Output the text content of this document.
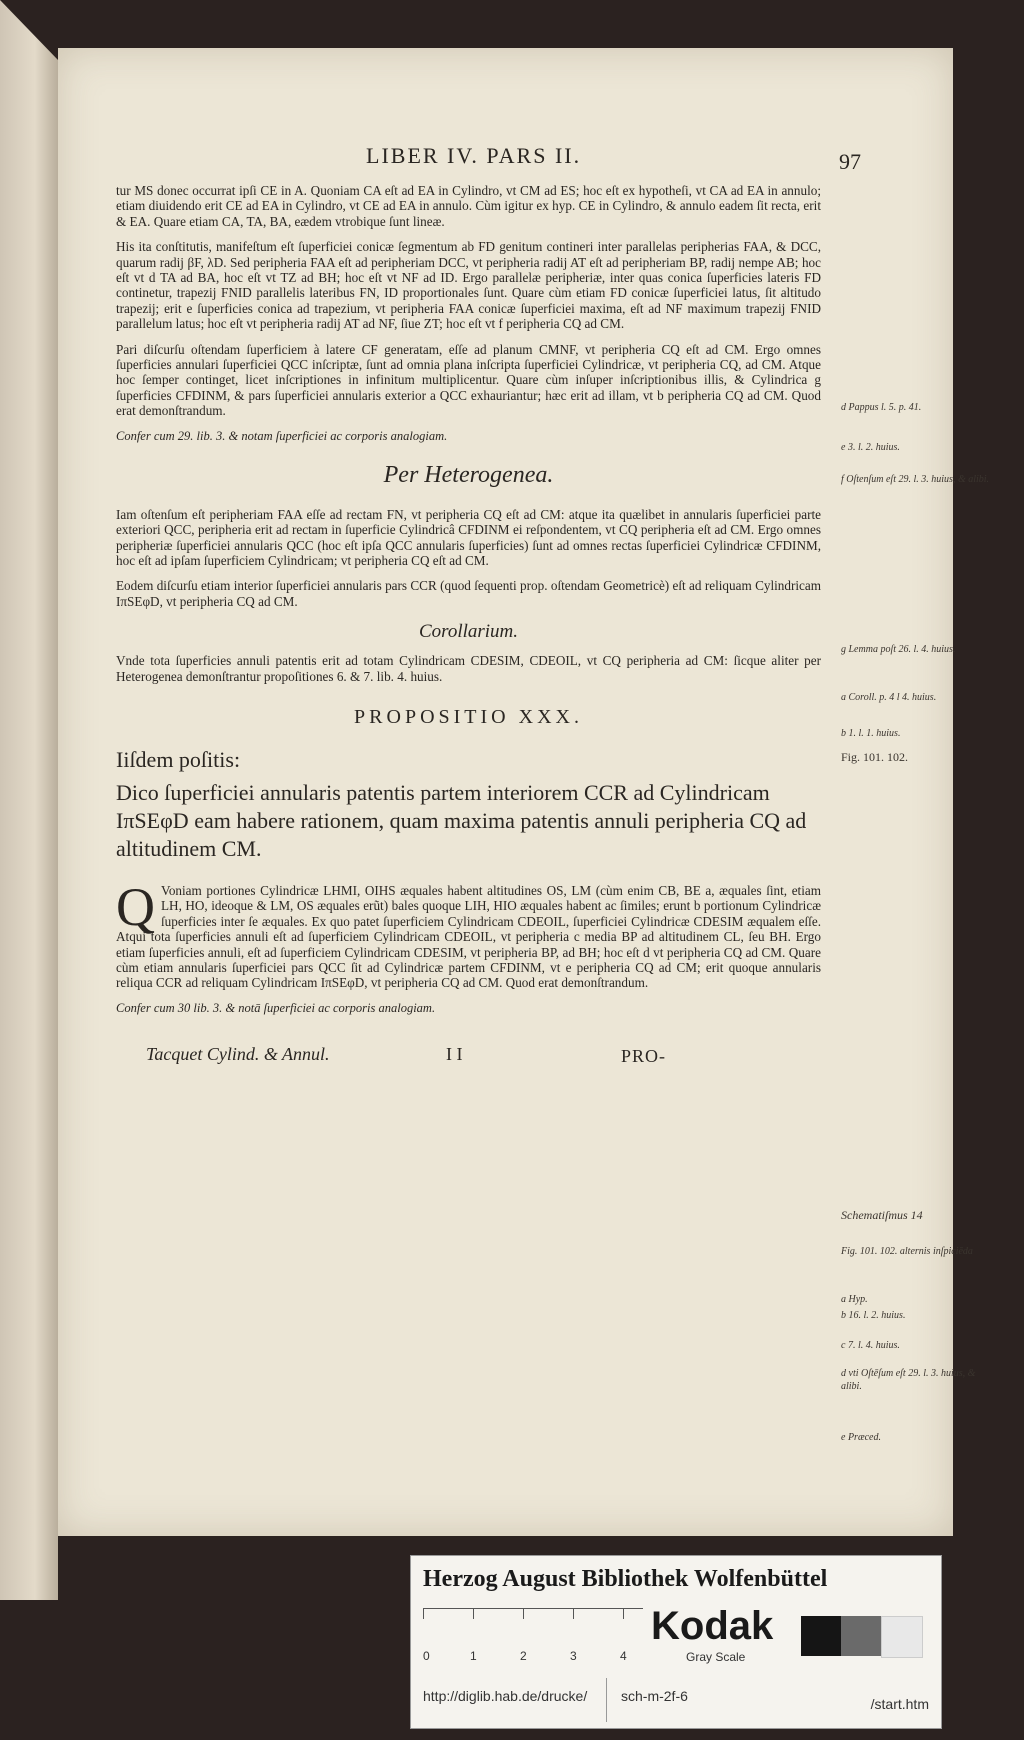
LIBER IV. PARS II.	97

tur MS donec occurrat ipſi CE in A. Quoniam CA eſt ad EA in Cylindro, vt CM ad ES; hoc eſt ex hypotheſi, vt CA ad EA in annulo; etiam diuidendo erit CE ad EA in Cylindro, vt CE ad EA in annulo. Cùm igitur ex hyp. CE in Cylindro, & annulo eadem ſit recta, erit & EA. Quare etiam CA, TA, BA, eædem vtrobique ſunt lineæ.

His ita conſtitutis, manifeſtum eſt ſuperficiei conicæ ſegmentum ab FD genitum contineri inter parallelas peripherias FAA, & DCC, quarum radij βF, λD. Sed peripheria FAA eſt ad peripheriam DCC, vt peripheria radij AT eſt ad peripheriam BP, radij nempe AB; hoc eſt vt d TA ad BA, hoc eſt vt TZ ad BH; hoc eſt vt NF ad ID. Ergo parallelæ peripheriæ, inter quas conica ſuperficies lateris FD continetur, trapezij FNID parallelis lateribus FN, ID proportionales ſunt. Quare cùm etiam FD conicæ ſuperficiei latus, ſit altitudo trapezij; erit e ſuperficies conica ad trapezium, vt peripheria FAA conicæ ſuperficiei maxima, eſt ad NF maximum trapezij FNID parallelum latus; hoc eſt vt peripheria radij AT ad NF, ſiue ZT; hoc eſt vt f peripheria CQ ad CM.

Pari diſcurſu oſtendam ſuperficiem à latere CF generatam, eſſe ad planum CMNF, vt peripheria CQ eſt ad CM. Ergo omnes ſuperficies annulari ſuperficiei QCC inſcriptæ, ſunt ad omnia plana inſcripta ſuperficiei Cylindricæ, vt peripheria CQ, ad CM. Atque hoc ſemper continget, licet inſcriptiones in infinitum multiplicentur. Quare cùm inſuper inſcriptionibus illis, & Cylindrica g ſuperficies CFDINM, & pars ſuperficiei annularis exterior a QCC exhauriantur; hæc erit ad illam, vt b peripheria CQ ad CM. Quod erat demonſtrandum.

Confer cum 29. lib. 3. & notam ſuperficiei ac corporis analogiam.
Per Heterogenea.

Iam oſtenſum eſt peripheriam FAA eſſe ad rectam FN, vt peripheria CQ eſt ad CM: atque ita quælibet in annularis ſuperficiei parte exteriori QCC, peripheria erit ad rectam in ſuperficie Cylindricâ CFDINM ei reſpondentem, vt CQ peripheria eſt ad CM. Ergo omnes peripheriæ ſuperficiei annularis QCC (hoc eſt ipſa QCC annularis ſuperficies) ſunt ad omnes rectas ſuperficiei Cylindricæ CFDINM, hoc eſt ad ipſam ſuperficiem Cylindricam; vt peripheria CQ eſt ad CM.

Eodem diſcurſu etiam interior ſuperficiei annularis pars CCR (quod ſequenti prop. oſtendam Geometricè) eſt ad reliquam Cylindricam IπSEφD, vt peripheria CQ ad CM.

Corollarium.

Vnde tota ſuperficies annuli patentis erit ad totam Cylindricam CDESIM, CDEOIL, vt CQ peripheria ad CM: ſicque aliter per Heterogenea demonſtrantur propoſitiones 6. & 7. lib. 4. huius.

PROPOSITIO XXX.
Iiſdem poſitis:
Dico ſuperficiei annularis patentis partem interiorem CCR ad Cylindricam IπSEφD eam habere rationem, quam maxima patentis annuli peripheria CQ ad altitudinem CM.

Q Voniam portiones Cylindricæ LHMI, OIHS æquales habent altitudines OS, LM (cùm enim CB, BE a, æquales ſint, etiam LH, HO, ideoque & LM, OS æquales erũt) bales quoque LIH, HIO æquales habent ac ſimiles; erunt b portionum Cylindricæ ſuperficies inter ſe æquales. Ex quo patet ſuperficiem Cylindricam CDEOIL, ſuperficiei Cylindricæ CDESIM æqualem eſſe. Atqui tota ſuperficies annuli eſt ad ſuperficiem Cylindricam CDEOIL, vt peripheria c media BP ad altitudinem CL, ſeu BH. Ergo etiam ſuperficies annuli, eſt ad ſuperficiem Cylindricam CDESIM, vt peripheria BP, ad BH; hoc eſt d vt peripheria CQ ad CM. Quare cùm etiam annularis ſuperficiei pars QCC ſit ad Cylindricæ partem CFDINM, vt e peripheria CQ ad CM; erit quoque annularis reliqua CCR ad reliquam Cylindricam IπSEφD, vt peripheria CQ ad CM. Quod erat demonſtrandum.

Confer cum 30 lib. 3. & notā ſuperficiei ac corporis analogiam.
Tacquet Cylind. & Annul.	I I	PRO-
d Pappus l. 5. p. 41.
e 3. l. 2. huius.
f Oſtenſum eſt 29. l. 3. huius, & alibi.
g Lemma poſt 26. l. 4. huius.
a Coroll. p. 4 l 4. huius.
b 1. l. 1. huius.
Fig. 101. 102.
Schematiſmus 14
Fig. 101. 102. alternis inſpiciēda
a Hyp.
b 16. l. 2. huius.
c 7. l. 4. huius.
d vti Oſtēſum eſt 29. l. 3. huius, & alibi.
e Præced.
Herzog August Bibliothek Wolfenbüttel
0	1	2	3	4
Kodak
Gray Scale
http://diglib.hab.de/drucke/ sch-m-2f-6	/start.htm
